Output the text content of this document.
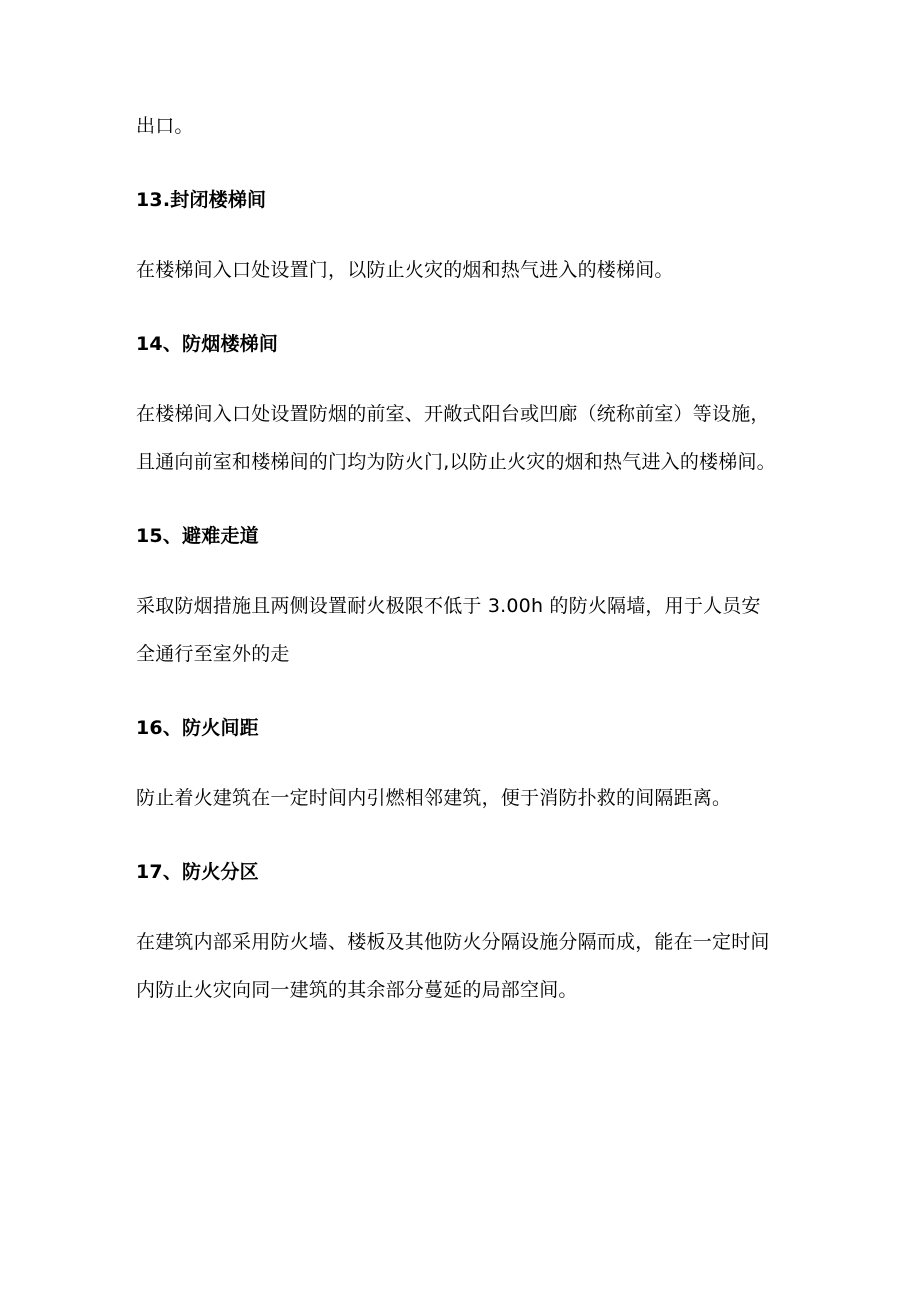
出口。
13.封闭楼梯间
在楼梯间入口处设置门，以防止火灾的烟和热气进入的楼梯间。
14、防烟楼梯间
在楼梯间入口处设置防烟的前室、开敞式阳台或凹廊（统称前室）等设施，
且通向前室和楼梯间的门均为防火门,以防止火灾的烟和热气进入的楼梯间。
15、避难走道
采取防烟措施且两侧设置耐火极限不低于 3.00h 的防火隔墙，用于人员安
全通行至室外的走
16、防火间距
防止着火建筑在一定时间内引燃相邻建筑，便于消防扑救的间隔距离。
17、防火分区
在建筑内部采用防火墙、楼板及其他防火分隔设施分隔而成，能在一定时间
内防止火灾向同一建筑的其余部分蔓延的局部空间。
